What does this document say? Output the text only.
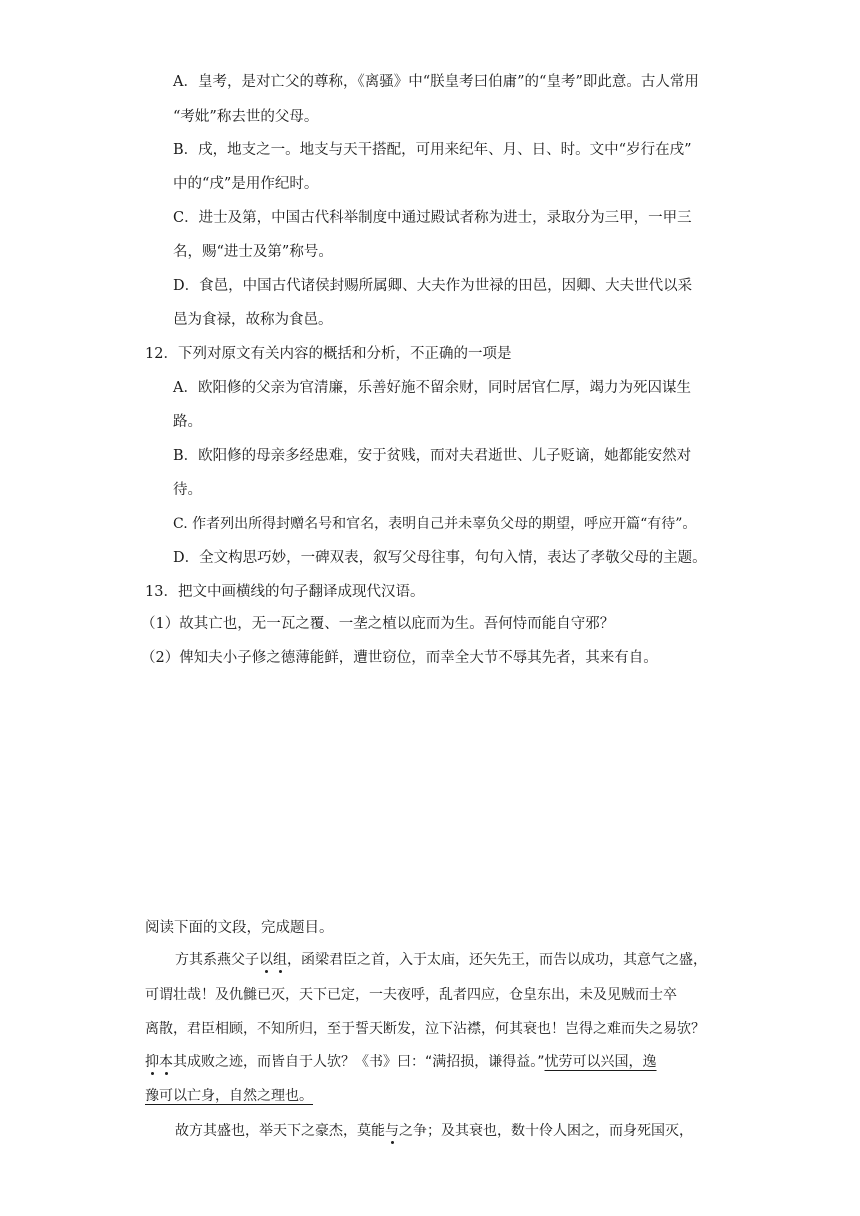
A．皇考，是对亡父的尊称，《离骚》中“朕皇考曰伯庸”的“皇考”即此意。古人常用
“考妣”称去世的父母。
B．戌，地支之一。地支与天干搭配，可用来纪年、月、日、时。文中“岁行在戌”
中的“戌”是用作纪时。
C．进士及第，中国古代科举制度中通过殿试者称为进士，录取分为三甲，一甲三
名，赐“进士及第”称号。
D．食邑，中国古代诸侯封赐所属卿、大夫作为世禄的田邑，因卿、大夫世代以采
邑为食禄，故称为食邑。
12．下列对原文有关内容的概括和分析，不正确的一项是
A．欧阳修的父亲为官清廉，乐善好施不留余财，同时居官仁厚，竭力为死囚谋生
路。
B．欧阳修的母亲多经患难，安于贫贱，而对夫君逝世、儿子贬谪，她都能安然对
待。
C. 作者列出所得封赠名号和官名，表明自己并未辜负父母的期望，呼应开篇“有待”。
D．全文构思巧妙，一碑双表，叙写父母往事，句句入情，表达了孝敬父母的主题。
13．把文中画横线的句子翻译成现代汉语。
（1）故其亡也，无一瓦之覆、一垄之植以庇而为生。吾何恃而能自守邪？
（2）俾知夫小子修之德薄能鲜，遭世窃位，而幸全大节不辱其先者，其来有自。
阅读下面的文段，完成题目。
方其系燕父子以组，函梁君臣之首，入于太庙，还矢先王，而告以成功，其意气之盛，
可谓壮哉！及仇雠已灭，天下已定，一夫夜呼，乱者四应，仓皇东出，未及见贼而士卒
离散，君臣相顾，不知所归，至于誓天断发，泣下沾襟，何其衰也！岂得之难而失之易欤？
抑本其成败之迹，而皆自于人欤？《书》曰：“满招损，谦得益。”忧劳可以兴国，逸
豫可以亡身，自然之理也。
故方其盛也，举天下之豪杰，莫能与之争；及其衰也，数十伶人困之，而身死国灭，
